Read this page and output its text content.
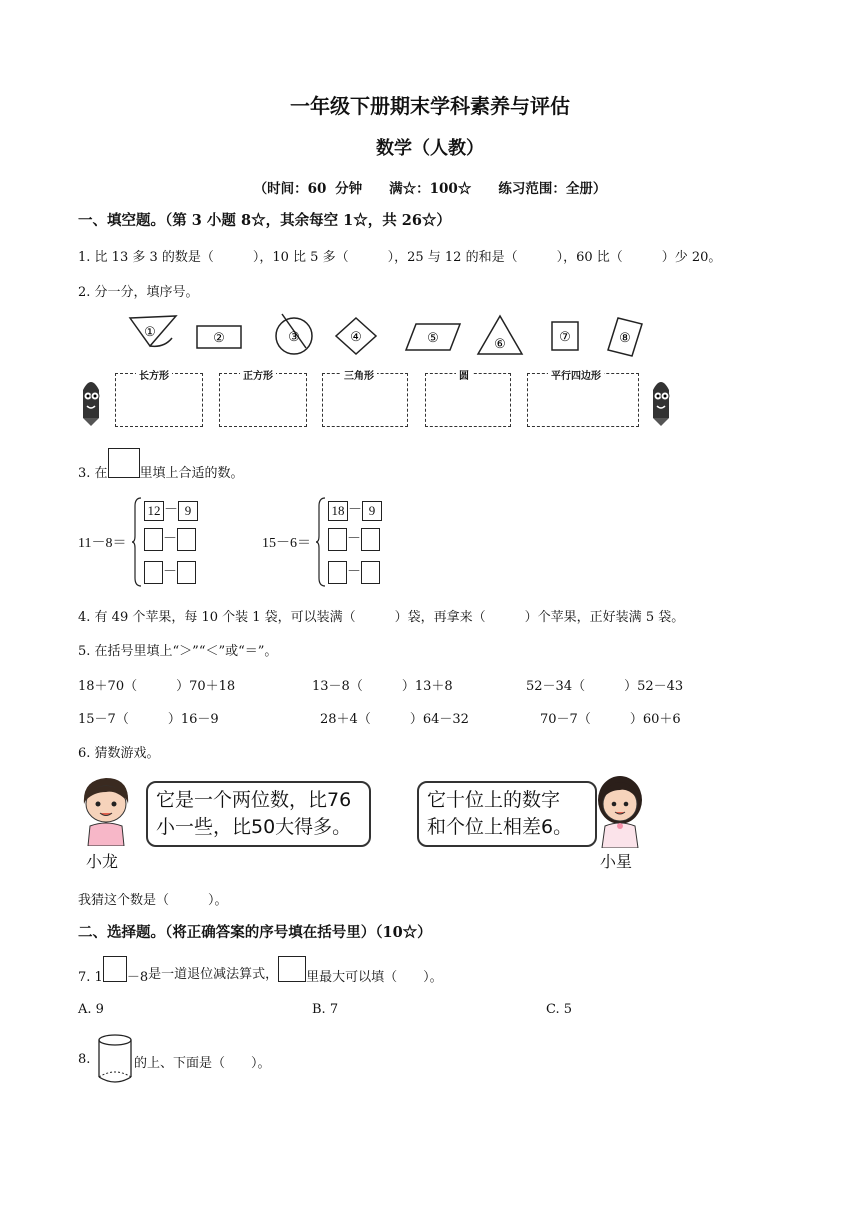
一年级下册期末学科素养与评估
数学（人教）
（时间：60 分钟　　满☆：100☆　　练习范围：全册）
一、填空题。（第 3 小题 8☆，其余每空 1☆，共 26☆）
1. 比 13 多 3 的数是（　　　），10 比 5 多（　　　），25 与 12 的和是（　　　），60 比（　　　）少 20。
2. 分一分，填序号。
①	②	③	④	⑤	⑥	⑦	⑧
长方形	正方形	三角形	圆	平行四边形
3. 在 里填上合适的数。
11－8＝
12 － 9
－
－
15－6＝
18 － 9
－
－
4. 有 49 个苹果，每 10 个装 1 袋，可以装满（　　　）袋，再拿来（　　　）个苹果，正好装满 5 袋。
5. 在括号里填上“＞”“＜”或“＝”。
18＋70（　　　）70＋18	13－8（　　　）13＋8	52－34（　　　）52－43
15－7（　　　）16－9	28＋4（　　　）64－32	70－7（　　　）60＋6
6. 猜数游戏。
它是一个两位数，比76
小一些，比50大得多。
小龙
它十位上的数字
和个位上相差6。
小星
我猜这个数是（　　　）。
二、选择题。（将正确答案的序号填在括号里）（10☆）
7. 1 －8是一道退位减法算式， 里最大可以填（　　）。
A. 9	B. 7	C. 5
8.	的上、下面是（　　）。
